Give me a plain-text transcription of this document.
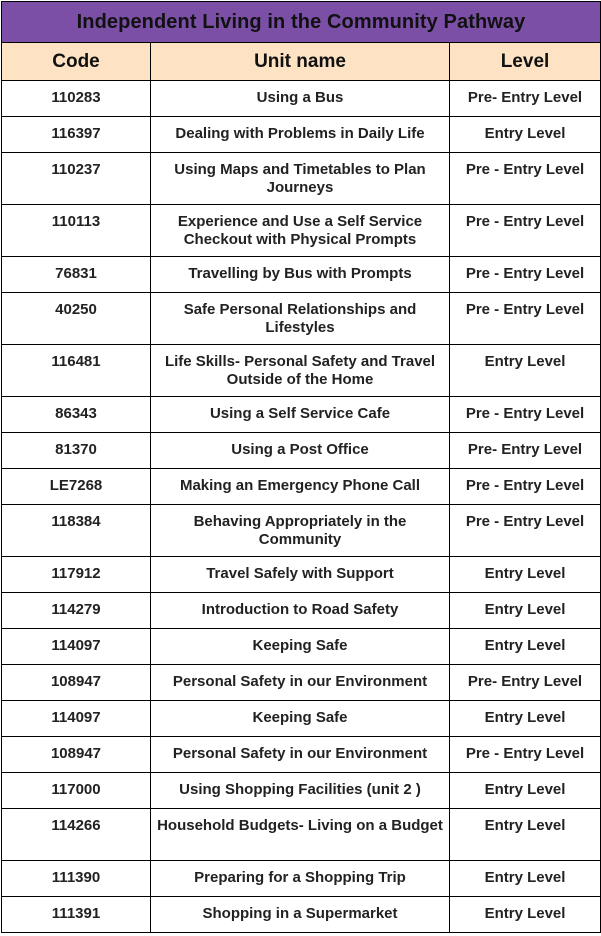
Independent Living in the Community Pathway		
Code	Unit name	Level
110283	Using a Bus	Pre- Entry Level
116397	Dealing with Problems in Daily Life	Entry Level
110237	Using Maps and Timetables to Plan Journeys	Pre - Entry Level
110113	Experience and Use a Self Service Checkout with Physical Prompts	Pre - Entry Level
76831	Travelling by Bus with Prompts	Pre - Entry Level
40250	Safe Personal Relationships and Lifestyles	Pre - Entry Level
116481	Life Skills- Personal Safety and Travel Outside of the Home	Entry Level
86343	Using a Self Service Cafe	Pre - Entry Level
81370	Using a Post Office	Pre- Entry Level
LE7268	Making an Emergency Phone Call	Pre - Entry Level
118384	Behaving Appropriately in the Community	Pre - Entry Level
117912	Travel Safely with Support	Entry Level
114279	Introduction to Road Safety	Entry Level
114097	Keeping Safe	Entry Level
108947	Personal Safety in our Environment	Pre- Entry Level
114097	Keeping Safe	Entry Level
108947	Personal Safety in our Environment	Pre - Entry Level
117000	Using Shopping Facilities (unit 2 )	Entry Level
114266	Household Budgets- Living on a Budget	Entry Level
111390	Preparing for a Shopping Trip	Entry Level
111391	Shopping in a Supermarket	Entry Level
